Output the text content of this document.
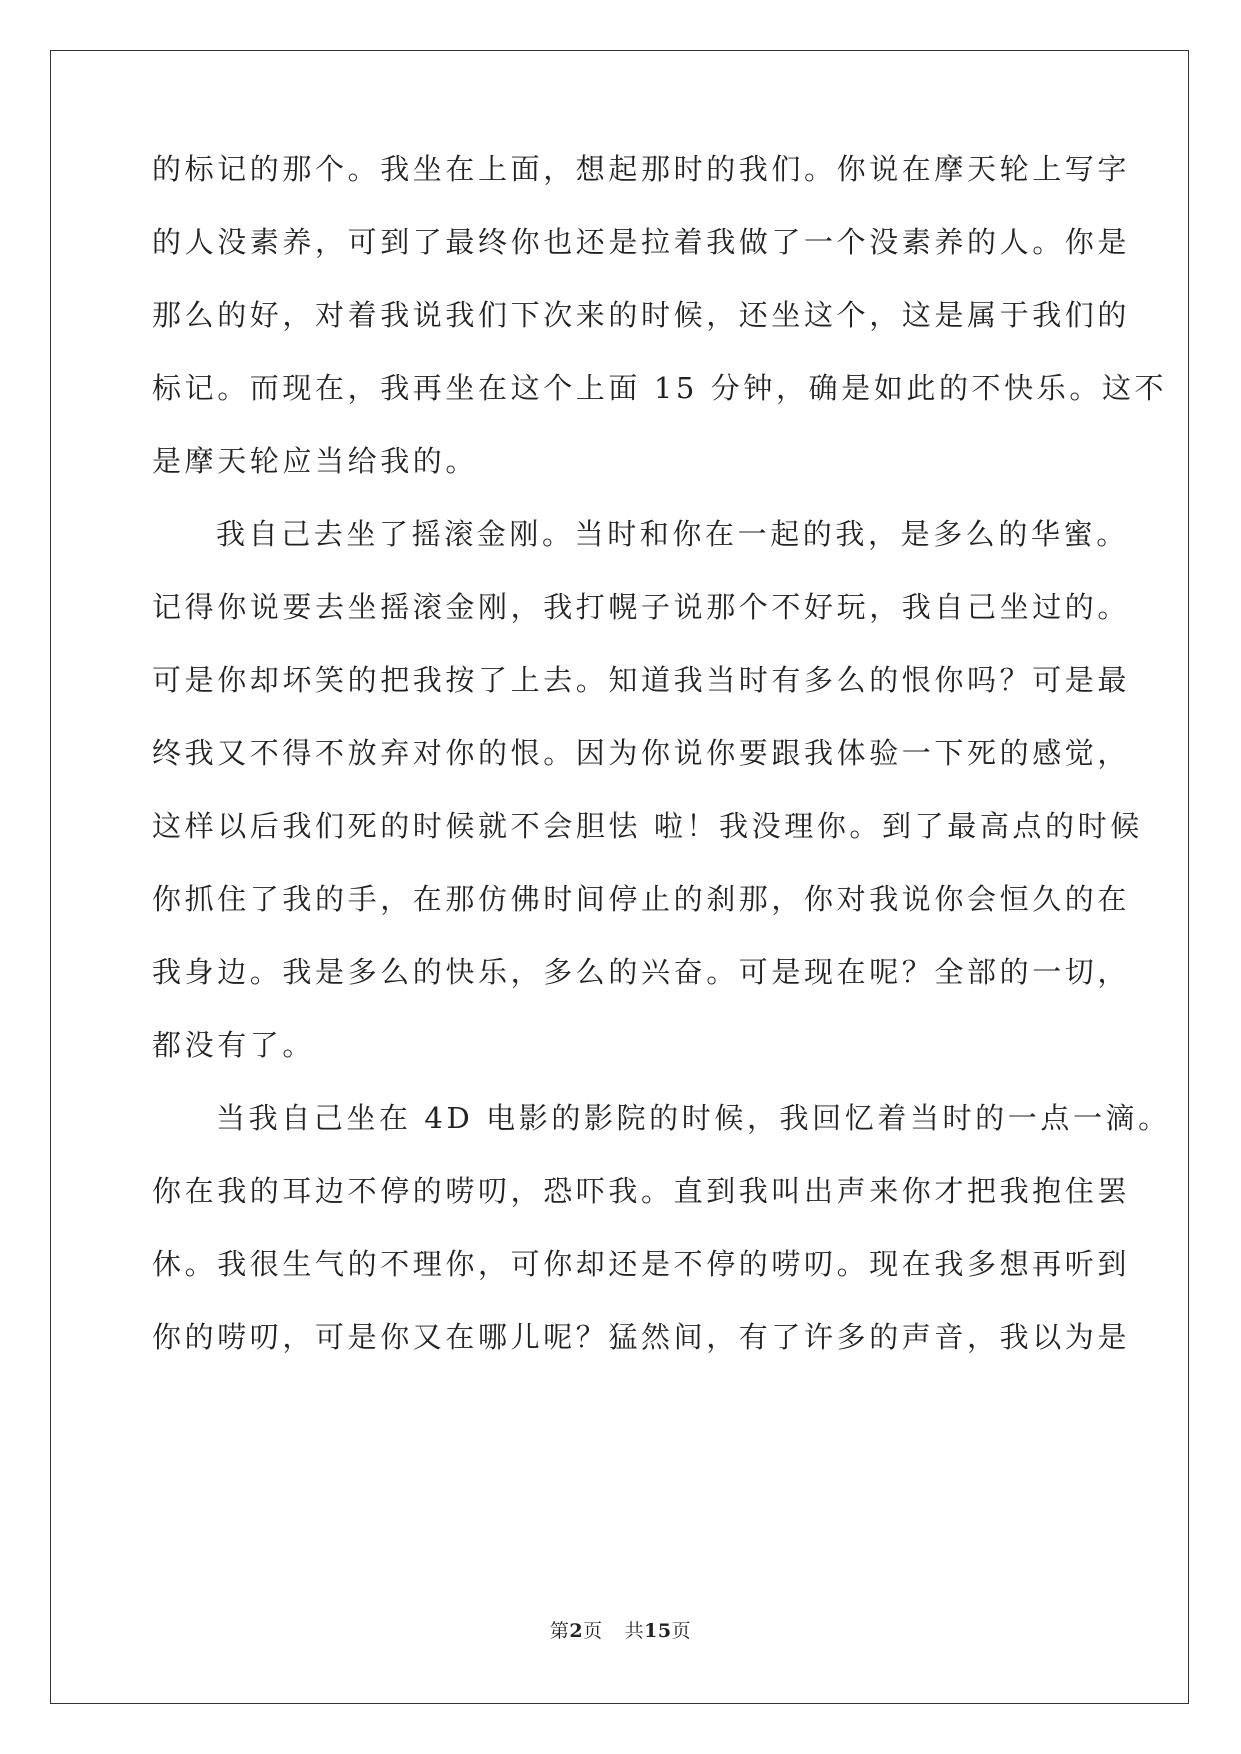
的标记的那个。我坐在上面，想起那时的我们。你说在摩天轮上写字
的人没素养，可到了最终你也还是拉着我做了一个没素养的人。你是
那么的好，对着我说我们下次来的时候，还坐这个，这是属于我们的
标记。而现在，我再坐在这个上面 15 分钟，确是如此的不快乐。这不
是摩天轮应当给我的。
我自己去坐了摇滚金刚。当时和你在一起的我，是多么的华蜜。
记得你说要去坐摇滚金刚，我打幌子说那个不好玩，我自己坐过的。
可是你却坏笑的把我按了上去。知道我当时有多么的恨你吗？可是最
终我又不得不放弃对你的恨。因为你说你要跟我体验一下死的感觉，
这样以后我们死的时候就不会胆怯 啦！我没理你。到了最高点的时候
你抓住了我的手，在那仿佛时间停止的刹那，你对我说你会恒久的在
我身边。我是多么的快乐，多么的兴奋。可是现在呢？全部的一切，
都没有了。
当我自己坐在 4D 电影的影院的时候，我回忆着当时的一点一滴。
你在我的耳边不停的唠叨，恐吓我。直到我叫出声来你才把我抱住罢
休。我很生气的不理你，可你却还是不停的唠叨。现在我多想再听到
你的唠叨，可是你又在哪儿呢？猛然间，有了许多的声音，我以为是
第2页 共15页
